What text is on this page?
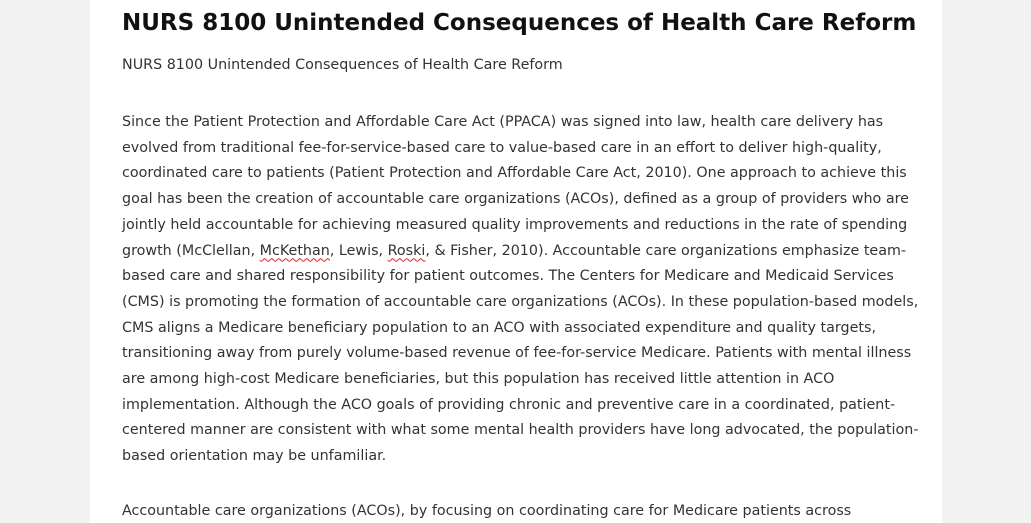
NURS 8100 Unintended Consequences of Health Care Reform

NURS 8100 Unintended Consequences of Health Care Reform

Since the Patient Protection and Affordable Care Act (PPACA) was signed into law, health care delivery has
evolved from traditional fee-for-service-based care to value-based care in an effort to deliver high-quality,
coordinated care to patients (Patient Protection and Affordable Care Act, 2010). One approach to achieve this
goal has been the creation of accountable care organizations (ACOs), defined as a group of providers who are
jointly held accountable for achieving measured quality improvements and reductions in the rate of spending
growth (McClellan, McKethan, Lewis, Roski, & Fisher, 2010). Accountable care organizations emphasize team-
based care and shared responsibility for patient outcomes. The Centers for Medicare and Medicaid Services
(CMS) is promoting the formation of accountable care organizations (ACOs). In these population-based models,
CMS aligns a Medicare beneficiary population to an ACO with associated expenditure and quality targets,
transitioning away from purely volume-based revenue of fee-for-service Medicare. Patients with mental illness
are among high-cost Medicare beneficiaries, but this population has received little attention in ACO
implementation. Although the ACO goals of providing chronic and preventive care in a coordinated, patient-
centered manner are consistent with what some mental health providers have long advocated, the population-
based orientation may be unfamiliar.

Accountable care organizations (ACOs), by focusing on coordinating care for Medicare patients across
